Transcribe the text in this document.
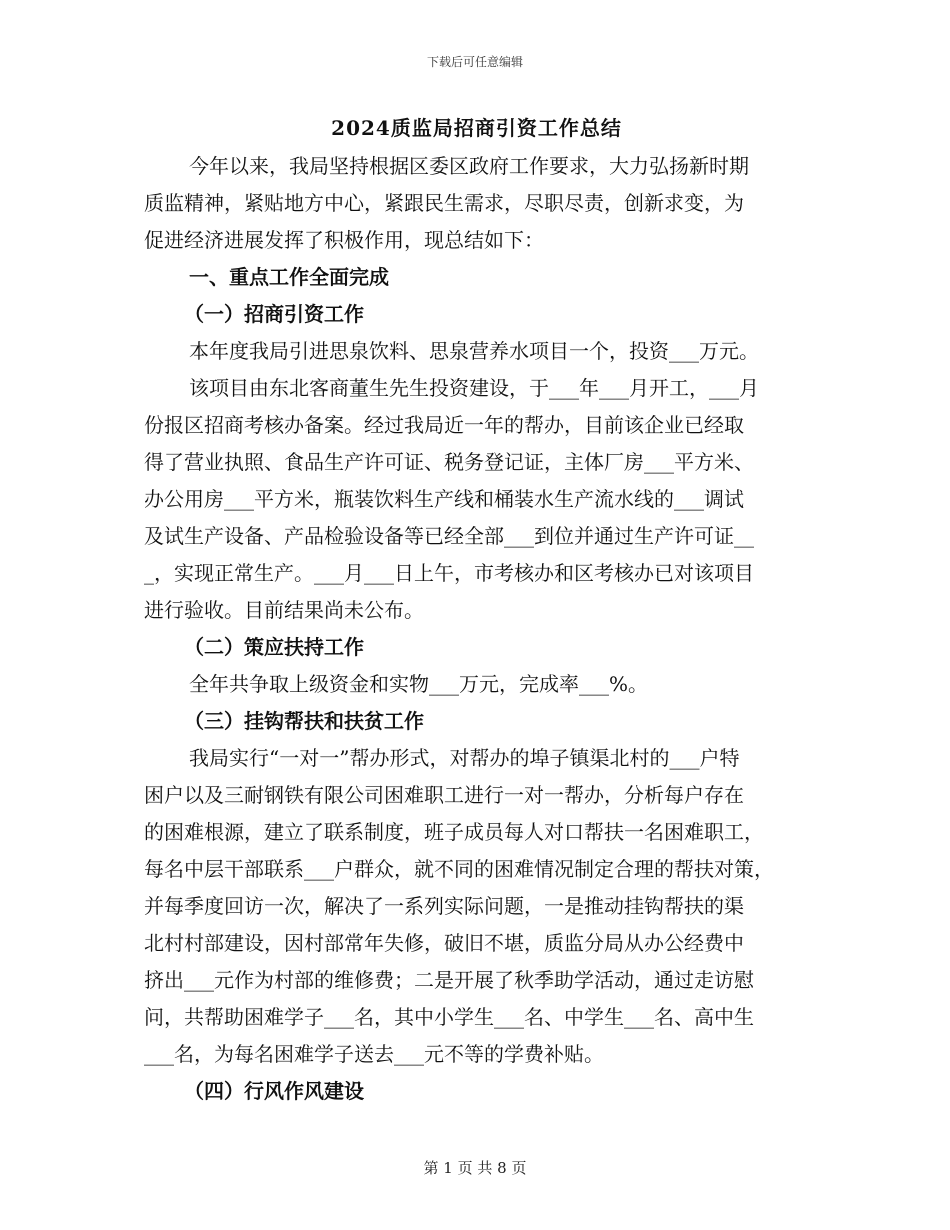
下载后可任意编辑
2024质监局招商引资工作总结

今年以来，我局坚持根据区委区政府工作要求，大力弘扬新时期

质监精神，紧贴地方中心，紧跟民生需求，尽职尽责，创新求变，为

促进经济进展发挥了积极作用，现总结如下：

一、重点工作全面完成

（一）招商引资工作

本年度我局引进思泉饮料、思泉营养水项目一个，投资___万元。

该项目由东北客商董生先生投资建设，于___年___月开工，___月

份报区招商考核办备案。经过我局近一年的帮办，目前该企业已经取

得了营业执照、食品生产许可证、税务登记证，主体厂房___平方米、

办公用房___平方米，瓶装饮料生产线和桶装水生产流水线的___调试

及试生产设备、产品检验设备等已经全部___到位并通过生产许可证__

_，实现正常生产。___月___日上午，市考核办和区考核办已对该项目

进行验收。目前结果尚未公布。

（二）策应扶持工作

全年共争取上级资金和实物___万元，完成率___%。

（三）挂钩帮扶和扶贫工作

我局实行“一对一”帮办形式，对帮办的埠子镇渠北村的___户特

困户以及三耐钢铁有限公司困难职工进行一对一帮办，分析每户存在

的困难根源，建立了联系制度，班子成员每人对口帮扶一名困难职工，

每名中层干部联系___户群众，就不同的困难情况制定合理的帮扶对策，

并每季度回访一次，解决了一系列实际问题，一是推动挂钩帮扶的渠

北村村部建设，因村部常年失修，破旧不堪，质监分局从办公经费中

挤出___元作为村部的维修费；二是开展了秋季助学活动，通过走访慰

问，共帮助困难学子___名，其中小学生___名、中学生___名、高中生

___名，为每名困难学子送去___元不等的学费补贴。

（四）行风作风建设

第 1 页 共 8 页
